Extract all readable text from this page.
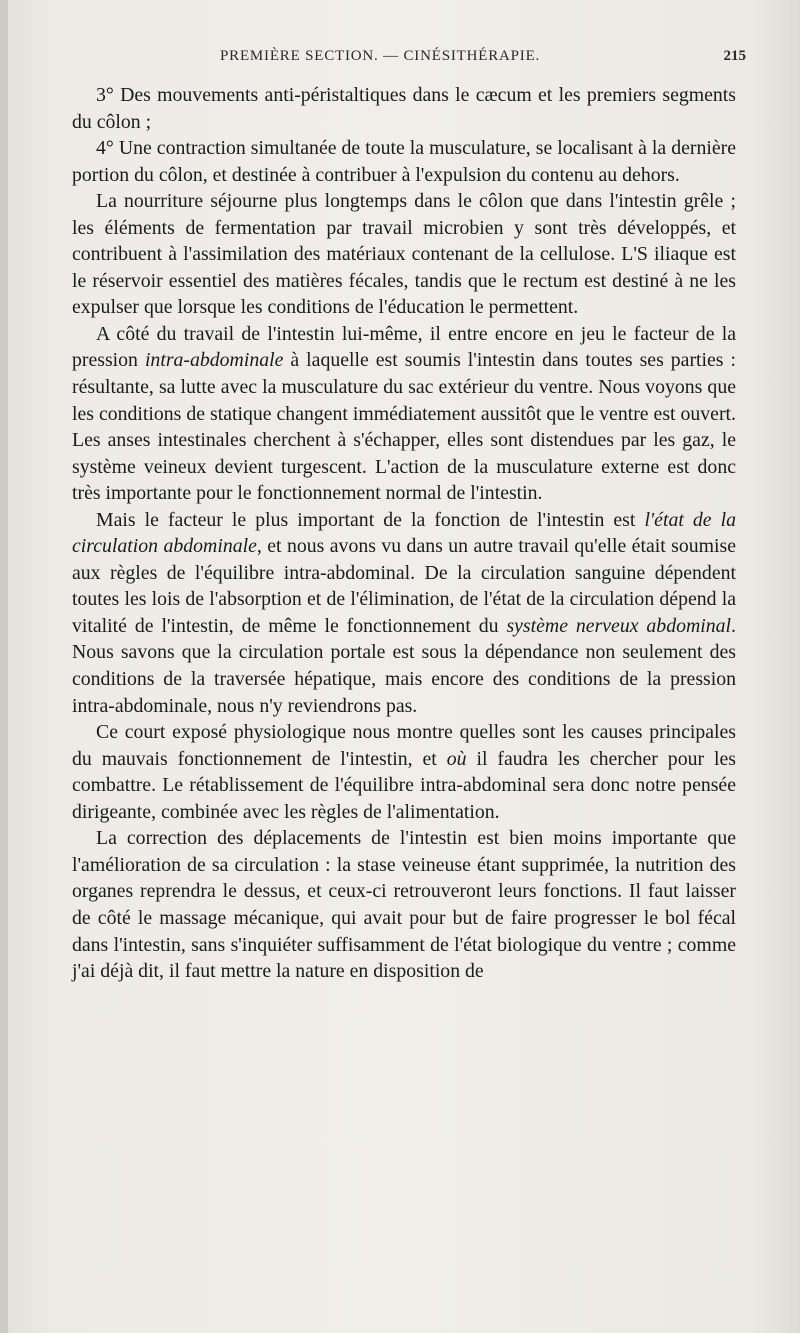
PREMIÈRE SECTION. — CINÉSITHÉRAPIE.	215

3° Des mouvements anti-péristaltiques dans le cæcum et les premiers segments du côlon ;

4° Une contraction simultanée de toute la musculature, se localisant à la dernière portion du côlon, et destinée à contribuer à l'expulsion du contenu au dehors.

La nourriture séjourne plus longtemps dans le côlon que dans l'intestin grêle ; les éléments de fermentation par travail microbien y sont très développés, et contribuent à l'assimilation des matériaux contenant de la cellulose. L'S iliaque est le réservoir essentiel des matières fécales, tandis que le rectum est destiné à ne les expulser que lorsque les conditions de l'éducation le permettent.

A côté du travail de l'intestin lui-même, il entre encore en jeu le facteur de la pression intra-abdominale à laquelle est soumis l'intestin dans toutes ses parties : résultante, sa lutte avec la musculature du sac extérieur du ventre. Nous voyons que les conditions de statique changent immédiatement aussitôt que le ventre est ouvert. Les anses intestinales cherchent à s'échapper, elles sont distendues par les gaz, le système veineux devient turgescent. L'action de la musculature externe est donc très importante pour le fonctionnement normal de l'intestin.

Mais le facteur le plus important de la fonction de l'intestin est l'état de la circulation abdominale, et nous avons vu dans un autre travail qu'elle était soumise aux règles de l'équilibre intra-abdominal. De la circulation sanguine dépendent toutes les lois de l'absorption et de l'élimination, de l'état de la circulation dépend la vitalité de l'intestin, de même le fonctionnement du système nerveux abdominal. Nous savons que la circulation portale est sous la dépendance non seulement des conditions de la traversée hépatique, mais encore des conditions de la pression intra-abdominale, nous n'y reviendrons pas.

Ce court exposé physiologique nous montre quelles sont les causes principales du mauvais fonctionnement de l'intestin, et où il faudra les chercher pour les combattre. Le rétablissement de l'équilibre intra-abdominal sera donc notre pensée dirigeante, combinée avec les règles de l'alimentation.

La correction des déplacements de l'intestin est bien moins importante que l'amélioration de sa circulation : la stase veineuse étant supprimée, la nutrition des organes reprendra le dessus, et ceux-ci retrouveront leurs fonctions. Il faut laisser de côté le massage mécanique, qui avait pour but de faire progresser le bol fécal dans l'intestin, sans s'inquiéter suffisamment de l'état biologique du ventre ; comme j'ai déjà dit, il faut mettre la nature en disposition de
